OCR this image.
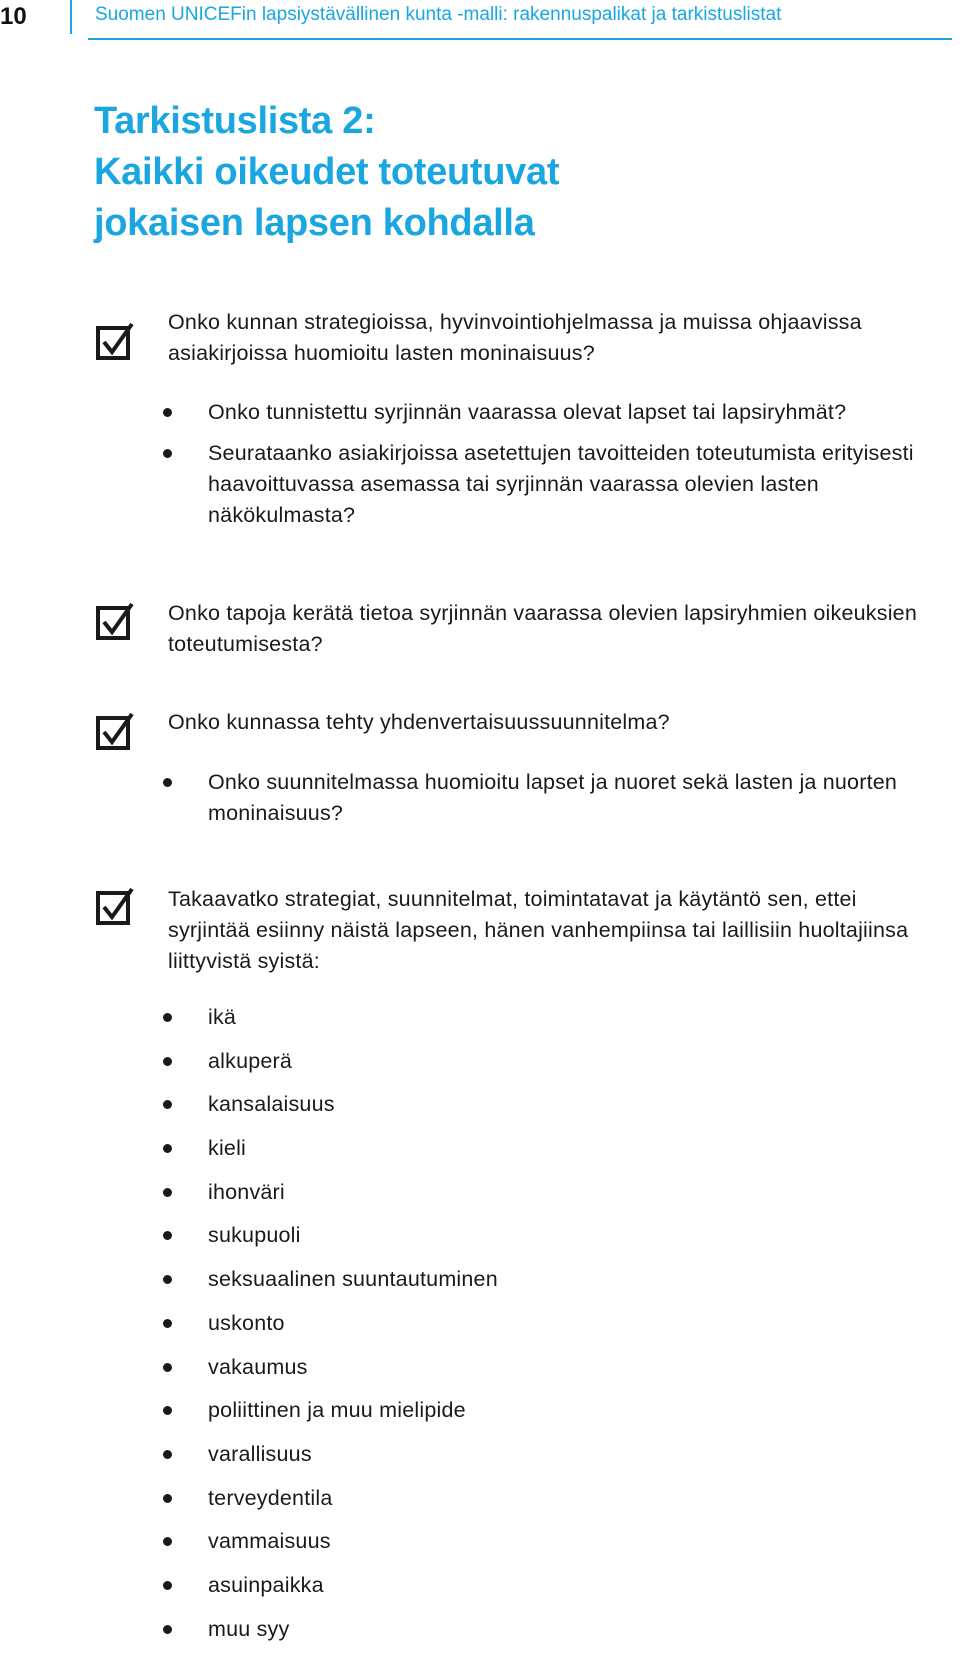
10	Suomen UNICEFin lapsiystävällinen kunta -malli: rakennuspalikat ja tarkistuslistat
Tarkistuslista 2:
Kaikki oikeudet toteutuvat
jokaisen lapsen kohdalla

Onko kunnan strategioissa, hyvinvointiohjelmassa ja muissa ohjaavissa asiakirjoissa huomioitu lasten moninaisuus?

Onko tunnistettu syrjinnän vaarassa olevat lapset tai lapsiryhmät?
Seurataanko asiakirjoissa asetettujen tavoitteiden toteutumista erityisesti haavoittuvassa asemassa tai syrjinnän vaarassa olevien lasten näkökulmasta?

Onko tapoja kerätä tietoa syrjinnän vaarassa olevien lapsiryhmien oikeuksien toteutumisesta?

Onko kunnassa tehty yhdenvertaisuussuunnitelma?

Onko suunnitelmassa huomioitu lapset ja nuoret sekä lasten ja nuorten moninaisuus?

Takaavatko strategiat, suunnitelmat, toimintatavat ja käytäntö sen, ettei syrjintää esiinny näistä lapseen, hänen vanhempiinsa tai laillisiin huoltajiinsa liittyvistä syistä:

ikä
alkuperä
kansalaisuus
kieli
ihonväri
sukupuoli
seksuaalinen suuntautuminen
uskonto
vakaumus
poliittinen ja muu mielipide
varallisuus
terveydentila
vammaisuus
asuinpaikka
muu syy
